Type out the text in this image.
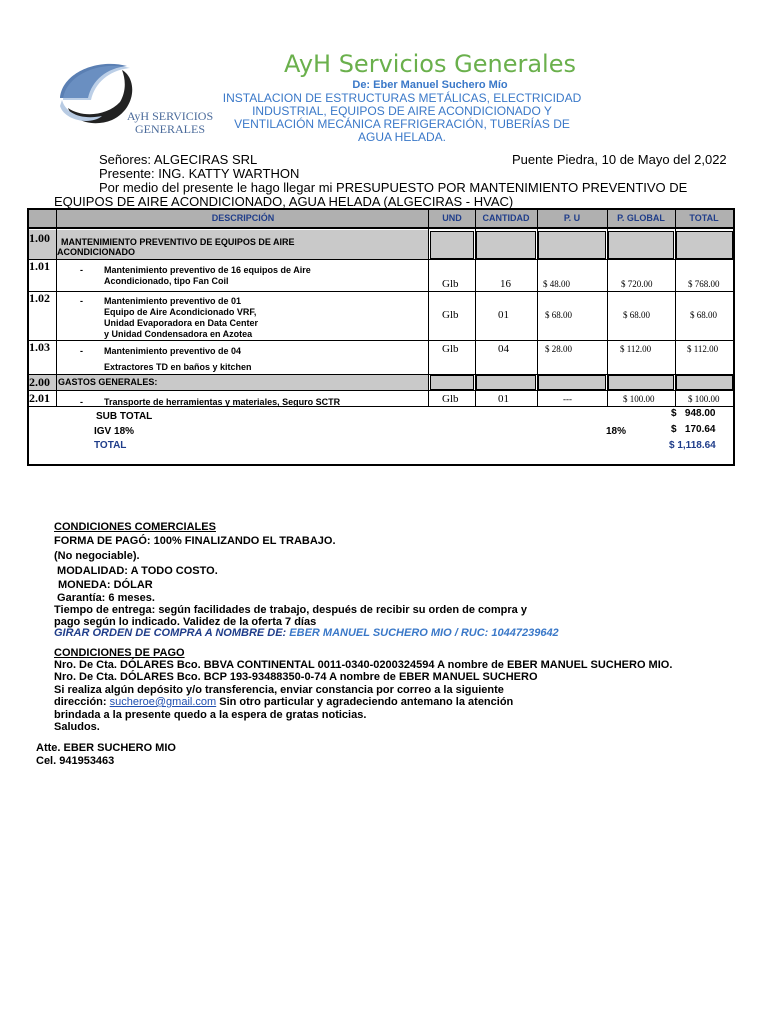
AyH SERVICIOS GENERALES
AyH Servicios Generales
De: Eber Manuel Suchero Mío
INSTALACION DE ESTRUCTURAS METÁLICAS, ELECTRICIDAD INDUSTRIAL, EQUIPOS DE AIRE ACONDICIONADO Y VENTILACIÓN MECÁNICA REFRIGERACIÓN, TUBERÍAS DE AGUA HELADA.
Señores: ALGECIRAS SRL	Puente Piedra, 10 de Mayo del 2,022
Presente: ING. KATTY WARTHON
Por medio del presente le hago llegar mi PRESUPUESTO POR MANTENIMIENTO PREVENTIVO DE
EQUIPOS DE AIRE ACONDICIONADO, AGUA HELADA (ALGECIRAS - HVAC)
DESCRIPCIÓN	UND	CANTIDAD	P. U	P. GLOBAL	TOTAL
1.00 MANTENIMIENTO PREVENTIVO DE EQUIPOS DE AIRE
ACONDICIONADO
1.01	- Mantenimiento preventivo de 16 equipos de Aire
Acondicionado, tipo Fan Coil	Glb	16	$ 48.00	$ 720.00	$ 768.00
1.02	- Mantenimiento preventivo de 01
Equipo de Aire Acondicionado VRF,
Unidad Evaporadora en Data Center
y Unidad Condensadora en Azotea
Glb	01	$ 68.00	$ 68.00	$ 68.00
1.03	- Mantenimiento preventivo de 04
Extractores TD en baños y kitchen
Glb	04	$ 28.00	$ 112.00	$ 112.00
2.00 GASTOS GENERALES:
2.01	- Transporte de herramientas y materiales, Seguro SCTR	Glb	01	---	$ 100.00	$ 100.00
SUB TOTAL	$   948.00
IGV 18%	18%	$   170.64
TOTAL	$ 1,118.64
CONDICIONES COMERCIALES
FORMA DE PAGÓ: 100% FINALIZANDO EL TRABAJO.
(No negociable).
MODALIDAD: A TODO COSTO.
MONEDA: DÓLAR
Garantía: 6 meses.
Tiempo de entrega: según facilidades de trabajo, después de recibir su orden de compra y
pago según lo indicado. Validez de la oferta 7 días
GIRAR ORDEN DE COMPRA A NOMBRE DE: EBER MANUEL SUCHERO MIO / RUC: 10447239642
CONDICIONES DE PAGO
Nro. De Cta. DÓLARES Bco. BBVA CONTINENTAL 0011-0340-0200324594 A nombre de EBER MANUEL SUCHERO MIO.
Nro. De Cta. DÓLARES Bco. BCP 193-93488350-0-74 A nombre de EBER MANUEL SUCHERO
Si realiza algún depósito y/o transferencia, enviar constancia por correo a la siguiente
dirección: sucheroe@gmail.com Sin otro particular y agradeciendo antemano la atención
brindada a la presente quedo a la espera de gratas noticias.
Saludos.
Atte. EBER SUCHERO MIO
Cel. 941953463
